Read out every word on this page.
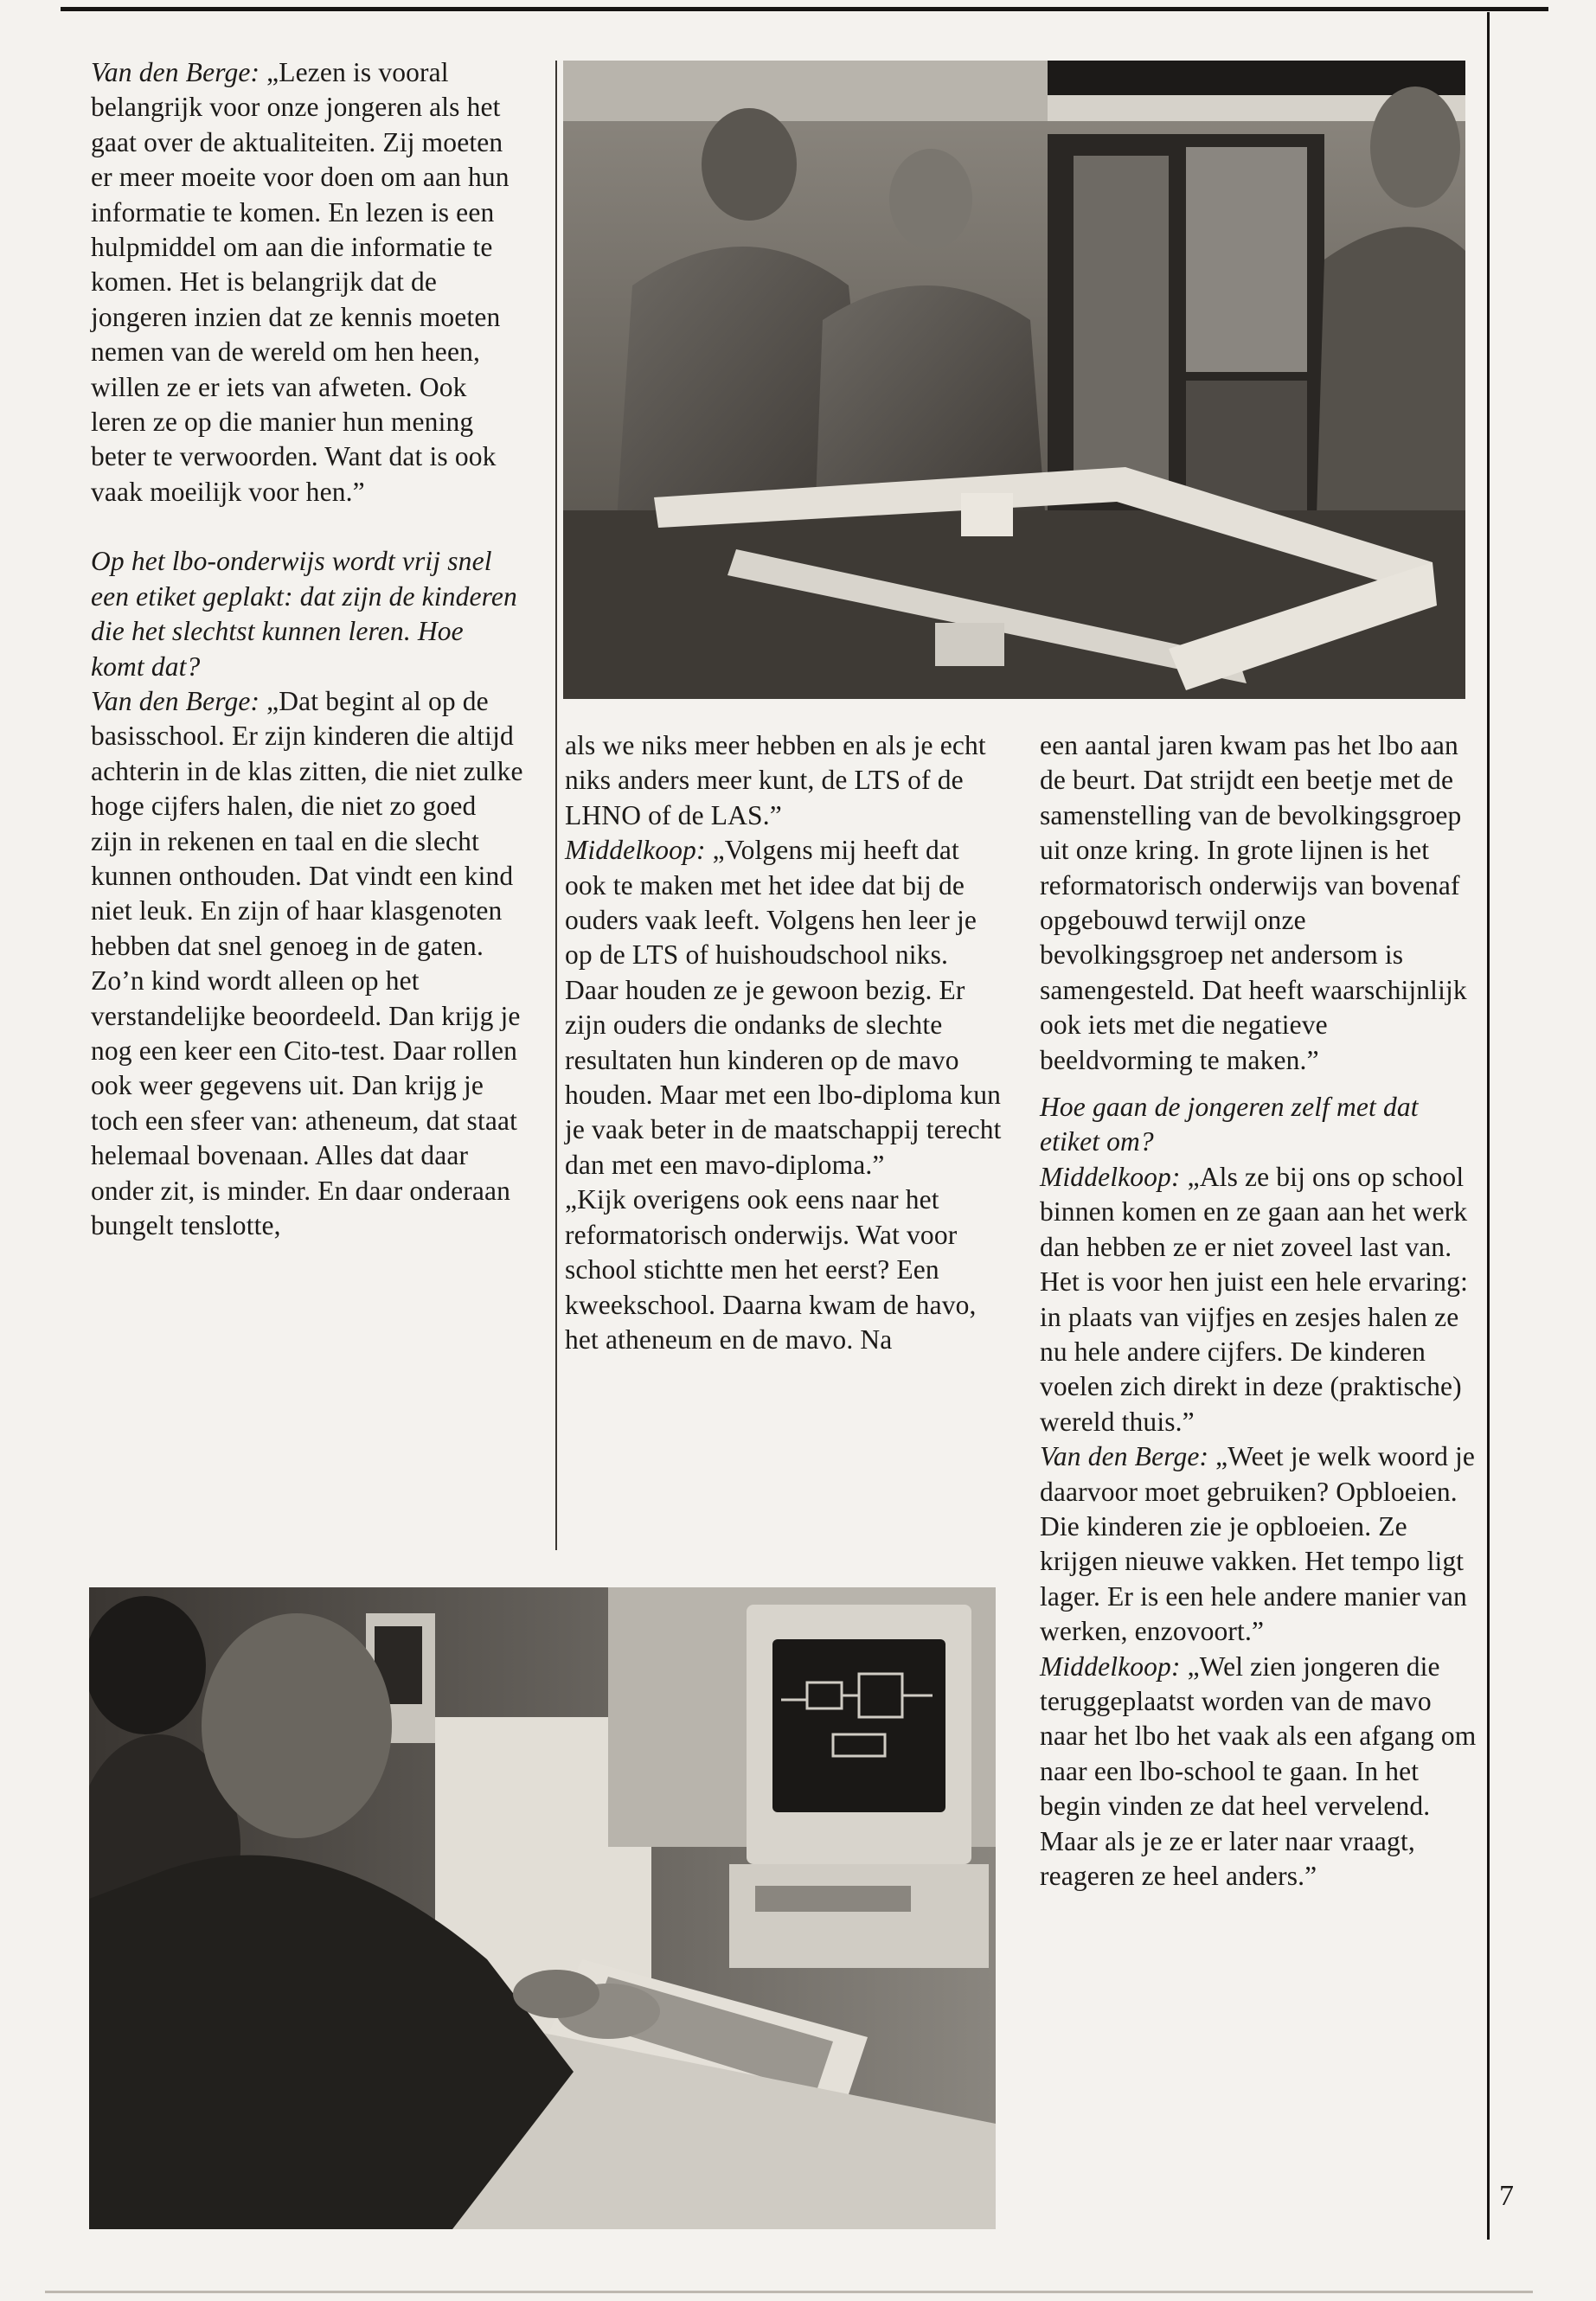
Van den Berge: „Lezen is vooral belangrijk voor onze jongeren als het gaat over de aktualiteiten. Zij moeten er meer moeite voor doen om aan hun informatie te komen. En lezen is een hulpmiddel om aan die informatie te komen. Het is belangrijk dat de jongeren inzien dat ze kennis moeten nemen van de wereld om hen heen, willen ze er iets van afweten. Ook leren ze op die manier hun mening beter te verwoorden. Want dat is ook vaak moeilijk voor hen.”

Op het lbo-onderwijs wordt vrij snel een etiket geplakt: dat zijn de kinderen die het slechtst kunnen leren. Hoe komt dat?

Van den Berge: „Dat begint al op de basisschool. Er zijn kinderen die altijd achterin in de klas zitten, die niet zulke hoge cijfers halen, die niet zo goed zijn in rekenen en taal en die slecht kunnen onthouden. Dat vindt een kind niet leuk. En zijn of haar klasgenoten hebben dat snel genoeg in de gaten. Zo’n kind wordt alleen op het verstandelijke beoordeeld. Dan krijg je nog een keer een Cito-test. Daar rollen ook weer gegevens uit. Dan krijg je toch een sfeer van: atheneum, dat staat helemaal bovenaan. Alles dat daar onder zit, is minder. En daar onderaan bungelt tenslotte,

als we niks meer hebben en als je echt niks anders meer kunt, de LTS of de LHNO of de LAS.”

Middelkoop: „Volgens mij heeft dat ook te maken met het idee dat bij de ouders vaak leeft. Volgens hen leer je op de LTS of huishoudschool niks. Daar houden ze je gewoon bezig. Er zijn ouders die ondanks de slechte resultaten hun kinderen op de mavo houden. Maar met een lbo-diploma kun je vaak beter in de maatschappij terecht dan met een mavo-diploma.”

„Kijk overigens ook eens naar het reformatorisch onderwijs. Wat voor school stichtte men het eerst? Een kweekschool. Daarna kwam de havo, het atheneum en de mavo. Na

een aantal jaren kwam pas het lbo aan de beurt. Dat strijdt een beetje met de samenstelling van de bevolkingsgroep uit onze kring. In grote lijnen is het reformatorisch onderwijs van bovenaf opgebouwd terwijl onze bevolkingsgroep net andersom is samengesteld. Dat heeft waarschijnlijk ook iets met die negatieve beeldvorming te maken.”

Hoe gaan de jongeren zelf met dat etiket om?

Middelkoop: „Als ze bij ons op school binnen komen en ze gaan aan het werk dan hebben ze er niet zoveel last van. Het is voor hen juist een hele ervaring: in plaats van vijfjes en zesjes halen ze nu hele andere cijfers. De kinderen voelen zich direkt in deze (praktische) wereld thuis.”

Van den Berge: „Weet je welk woord je daarvoor moet gebruiken? Opbloeien. Die kinderen zie je opbloeien. Ze krijgen nieuwe vakken. Het tempo ligt lager. Er is een hele andere manier van werken, enzovoort.”

Middelkoop: „Wel zien jongeren die teruggeplaatst worden van de mavo naar het lbo het vaak als een afgang om naar een lbo-school te gaan. In het begin vinden ze dat heel vervelend. Maar als je ze er later naar vraagt, reageren ze heel anders.”

7
